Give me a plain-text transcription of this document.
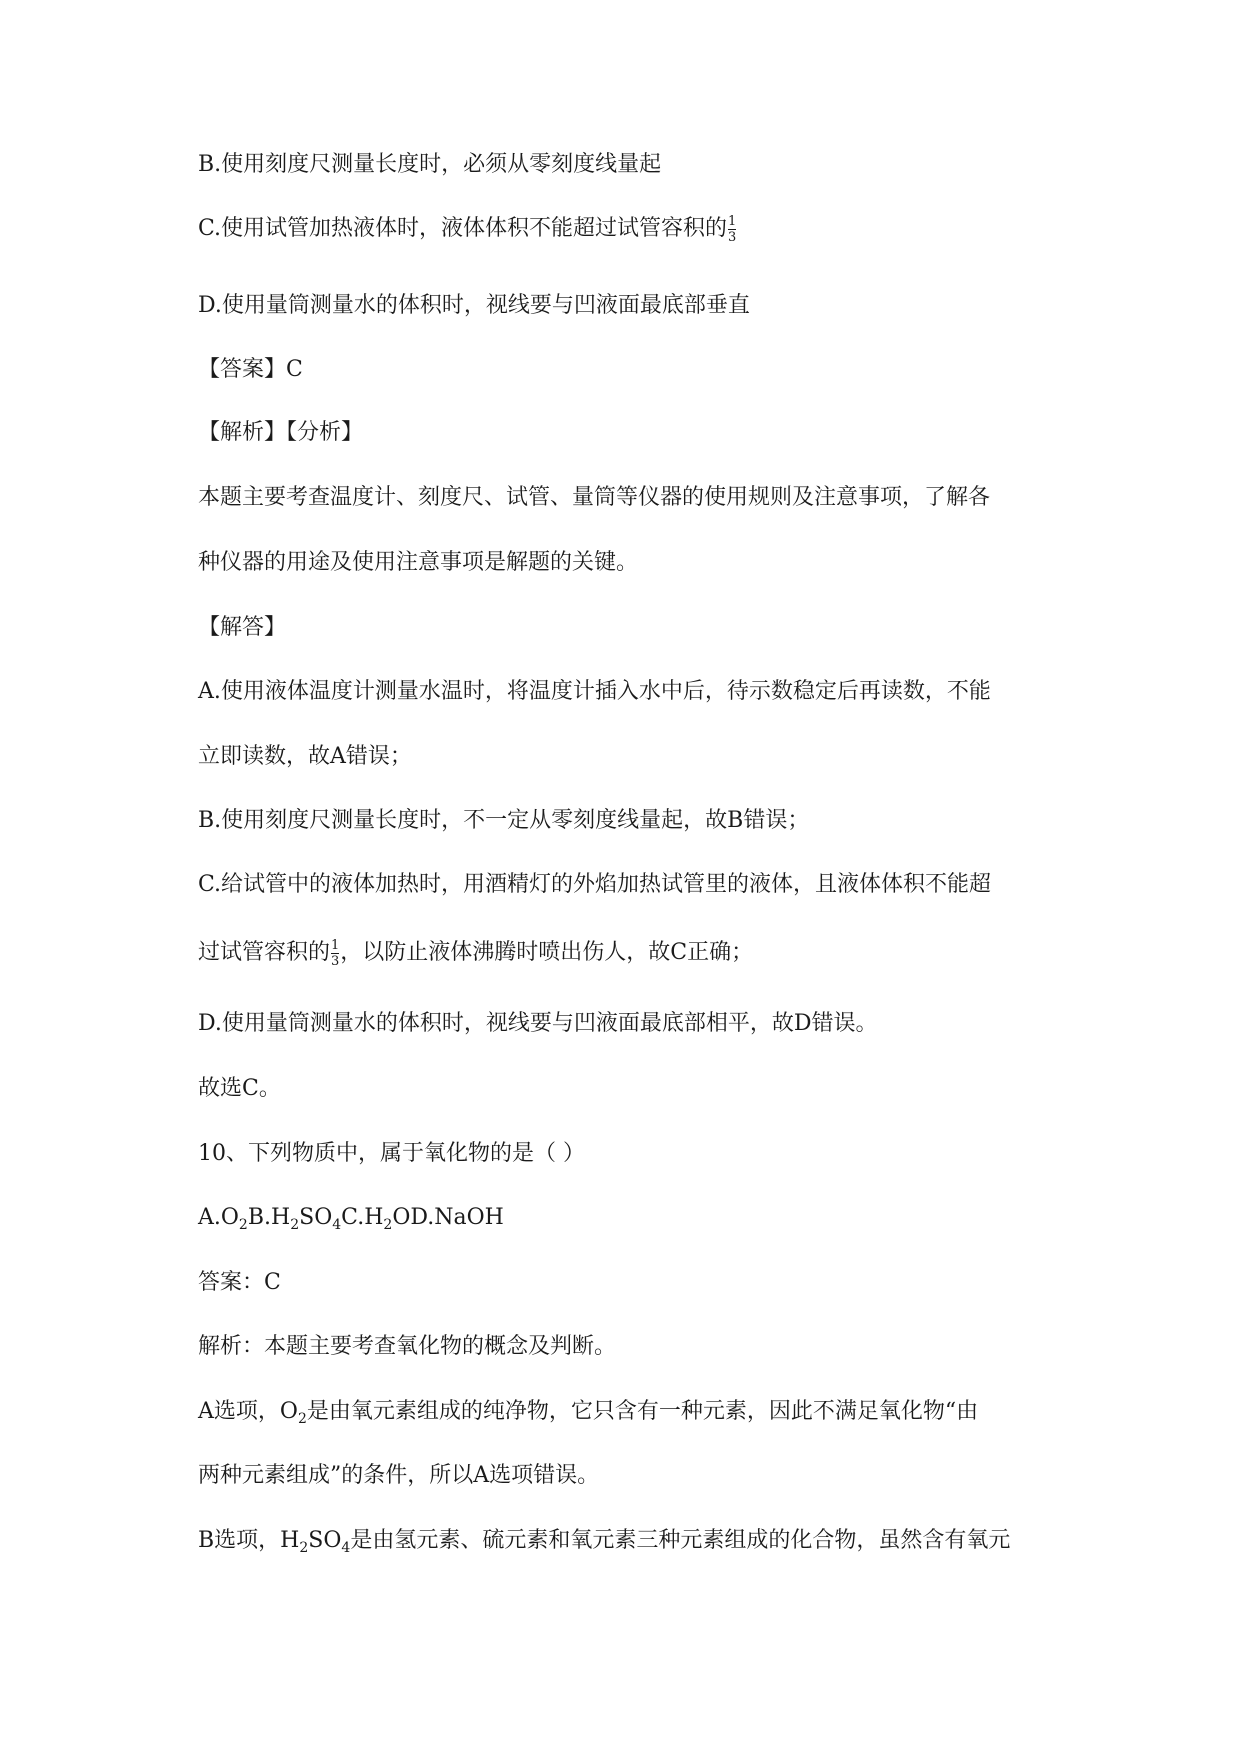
B.使用刻度尺测量长度时，必须从零刻度线量起
C.使用试管加热液体时，液体体积不能超过试管容积的 $\frac{1}{3}$
D.使用量筒测量水的体积时，视线要与凹液面最底部垂直
【答案】C
【解析】【分析】
本题主要考查温度计、刻度尺、试管、量筒等仪器的使用规则及注意事项，了解各
种仪器的用途及使用注意事项是解题的关键。
【解答】
A.使用液体温度计测量水温时，将温度计插入水中后，待示数稳定后再读数，不能
立即读数，故A错误；
B.使用刻度尺测量长度时，不一定从零刻度线量起，故B错误；
C.给试管中的液体加热时，用酒精灯的外焰加热试管里的液体，且液体体积不能超
过试管容积的 $\frac{1}{3}$ ，以防止液体沸腾时喷出伤人，故C正确；
D.使用量筒测量水的体积时，视线要与凹液面最底部相平，故D错误。
故选C。
10、下列物质中，属于氧化物的是（ ）
$A.O_2B.H_2SO_4C.H_2OD.NaOH$
答案：C
解析：本题主要考查氧化物的概念及判断。
A选项，$O_2$是由氧元素组成的纯净物，它只含有一种元素，因此不满足氧化物“由
两种元素组成”的条件，所以A选项错误。
B选项，$H_2SO_4$是由氢元素、硫元素和氧元素三种元素组成的化合物，虽然含有氧元
